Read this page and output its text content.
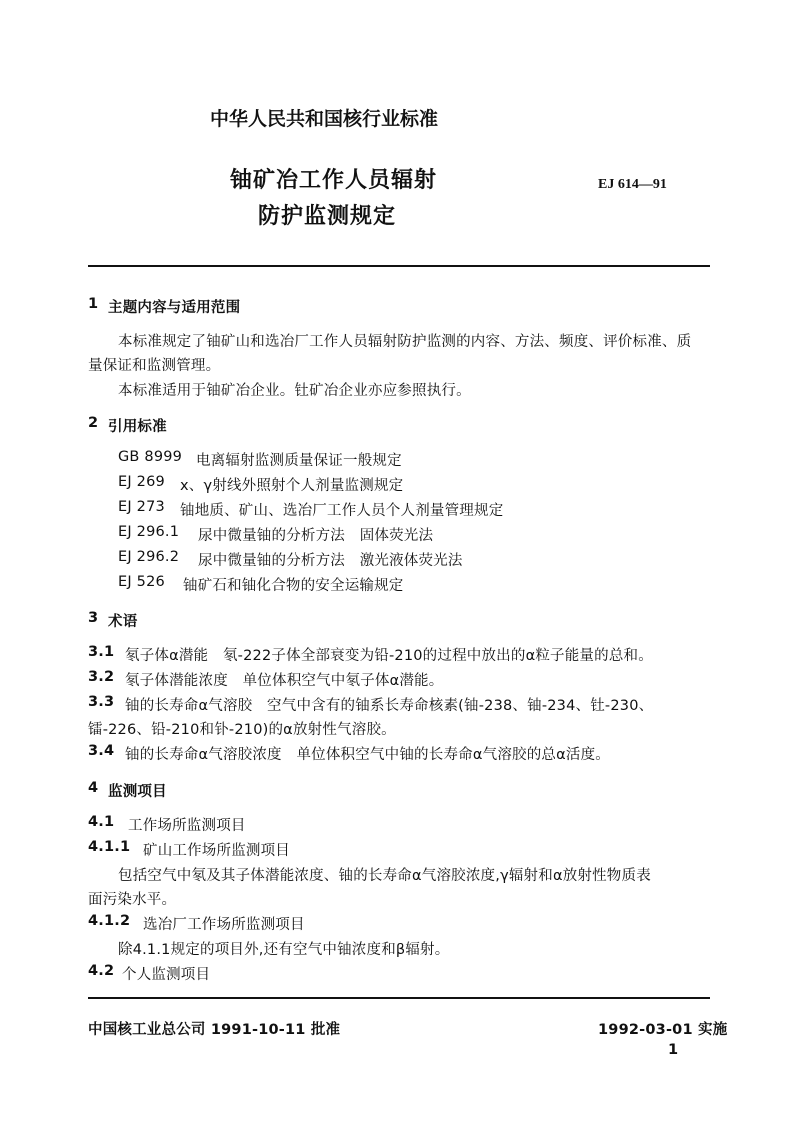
中华人民共和国核行业标准
铀矿冶工作人员辐射
防护监测规定
EJ 614—91
1 主题内容与适用范围
本标准规定了铀矿山和选冶厂工作人员辐射防护监测的内容、方法、频度、评价标准、质
量保证和监测管理。
本标准适用于铀矿冶企业。钍矿冶企业亦应参照执行。
2 引用标准
GB 8999 电离辐射监测质量保证一般规定
EJ 269 x、γ射线外照射个人剂量监测规定
EJ 273 铀地质、矿山、选冶厂工作人员个人剂量管理规定
EJ 296.1 尿中微量铀的分析方法　固体荧光法
EJ 296.2 尿中微量铀的分析方法　激光液体荧光法
EJ 526 铀矿石和铀化合物的安全运输规定
3 术语
3.1 氡子体α潜能　氡-222子体全部衰变为铅-210的过程中放出的α粒子能量的总和。
3.2 氡子体潜能浓度　单位体积空气中氡子体α潜能。
3.3 铀的长寿命α气溶胶　空气中含有的铀系长寿命核素(铀-238、铀-234、钍-230、
镭-226、铅-210和钋-210)的α放射性气溶胶。
3.4 铀的长寿命α气溶胶浓度　单位体积空气中铀的长寿命α气溶胶的总α活度。
4 监测项目
4.1 工作场所监测项目
4.1.1 矿山工作场所监测项目
包括空气中氡及其子体潜能浓度、铀的长寿命α气溶胶浓度,γ辐射和α放射性物质表
面污染水平。
4.1.2 选冶厂工作场所监测项目
除4.1.1规定的项目外,还有空气中铀浓度和β辐射。
4.2 个人监测项目
中国核工业总公司 1991-10-11 批准	1992-03-01 实施
1
